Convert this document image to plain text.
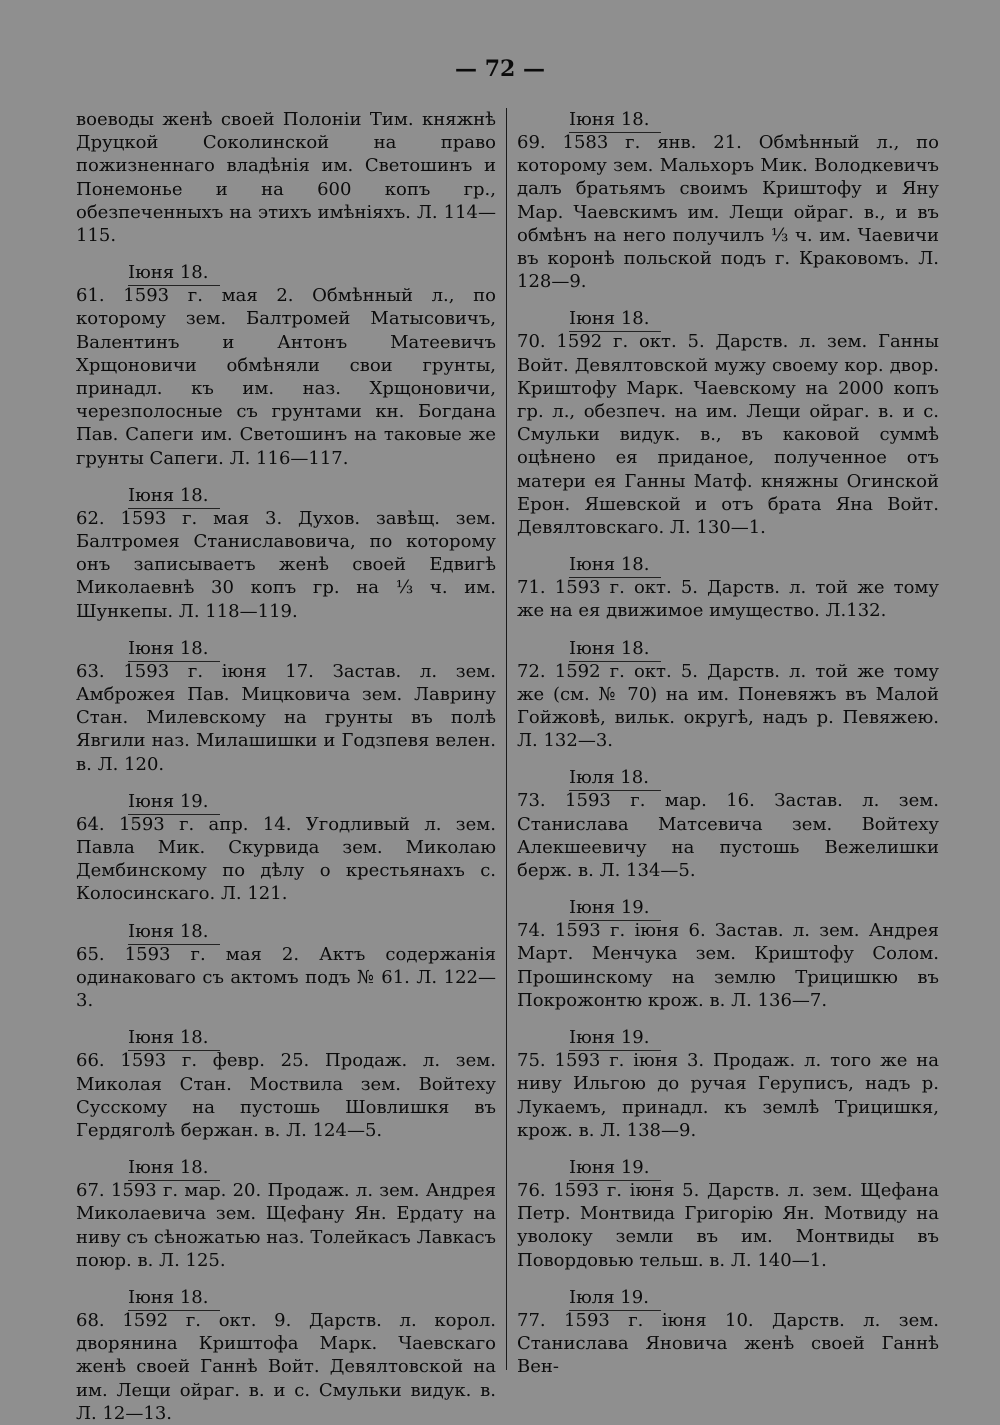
— 72 —

воеводы женѣ своей Полоніи Тим. княжнѣ Друцкой Соколинской на право пожизненнаго владѣнія им. Светошинъ и Понемонье и на 600 копъ гр., обезпеченныхъ на этихъ имѣніяхъ. Л. 114—115.

Іюня 18.

61. 1593 г. мая 2. Обмѣнный л., по которому зем. Балтромей Матысовичъ, Валентинъ и Антонъ Матеевичъ Хрщоновичи обмѣняли свои грунты, принадл. къ им. наз. Хрщоновичи, черезполосные съ грунтами кн. Богдана Пав. Сапеги им. Светошинъ на таковые же грунты Сапеги. Л. 116—117.

Іюня 18.

62. 1593 г. мая 3. Духов. завѣщ. зем. Балтромея Станиславовича, по которому онъ записываетъ женѣ своей Едвигѣ Миколаевнѣ 30 копъ гр. на ⅓ ч. им. Шункепы. Л. 118—119.

Іюня 18.

63. 1593 г. іюня 17. Застав. л. зем. Амброжея Пав. Мицковича зем. Лаврину Стан. Милевскому на грунты въ полѣ Явгили наз. Милашишки и Годзпевя велен. в. Л. 120.

Іюня 19.

64. 1593 г. апр. 14. Угодливый л. зем. Павла Мик. Скурвида зем. Миколаю Дембинскому по дѣлу о крестьянахъ с. Колосинскаго. Л. 121.

Іюня 18.

65. 1593 г. мая 2. Актъ содержанія одинаковаго съ актомъ подъ № 61. Л. 122—3.

Іюня 18.

66. 1593 г. февр. 25. Продаж. л. зем. Миколая Стан. Моствила зем. Войтеху Сусскому на пустошь Шовлишкя въ Гердяголѣ бержан. в. Л. 124—5.

Іюня 18.

67. 1593 г. мар. 20. Продаж. л. зем. Андрея Миколаевича зем. Щефану Ян. Ердату на ниву съ сѣножатью наз. Толейкасъ Лавкасъ поюр. в. Л. 125.

Іюня 18.

68. 1592 г. окт. 9. Дарств. л. корол. дворянина Криштофа Марк. Чаевскаго женѣ своей Ганнѣ Войт. Девялтовской на им. Лещи ойраг. в. и с. Смульки видук. в. Л. 12—13.

Іюня 18.

69. 1583 г. янв. 21. Обмѣнный л., по которому зем. Мальхоръ Мик. Володкевичъ далъ братьямъ своимъ Криштофу и Яну Мар. Чаевскимъ им. Лещи ойраг. в., и въ обмѣнъ на него получилъ ⅓ ч. им. Чаевичи въ коронѣ польской подъ г. Краковомъ. Л. 128—9.

Іюня 18.

70. 1592 г. окт. 5. Дарств. л. зем. Ганны Войт. Девялтовской мужу своему кор. двор. Криштофу Марк. Чаевскому на 2000 копъ гр. л., обезпеч. на им. Лещи ойраг. в. и с. Смульки видук. в., въ каковой суммѣ оцѣнено ея приданое, полученное отъ матери ея Ганны Матф. княжны Огинской Ерон. Яшевской и отъ брата Яна Войт. Девялтовскаго. Л. 130—1.

Іюня 18.

71. 1593 г. окт. 5. Дарств. л. той же тому же на ея движимое имущество. Л.132.

Іюня 18.

72. 1592 г. окт. 5. Дарств. л. той же тому же (см. № 70) на им. Поневяжъ въ Малой Гойжовѣ, вильк. округѣ, надъ р. Певяжею. Л. 132—3.

Іюля 18.

73. 1593 г. мар. 16. Застав. л. зем. Станислава Матсевича зем. Войтеху Алекшеевичу на пустошь Вежелишки берж. в. Л. 134—5.

Іюня 19.

74. 1593 г. іюня 6. Застав. л. зем. Андрея Март. Менчука зем. Криштофу Солом. Прошинскому на землю Трицишкю въ Покрожонтю крож. в. Л. 136—7.

Іюня 19.

75. 1593 г. іюня 3. Продаж. л. того же на ниву Ильгою до ручая Геруписъ, надъ р. Лукаемъ, принадл. къ землѣ Трицишкя, крож. в. Л. 138—9.

Іюня 19.

76. 1593 г. іюня 5. Дарств. л. зем. Щефана Петр. Монтвида Григорію Ян. Мотвиду на уволоку земли въ им. Монтвиды въ Повордовью тельш. в. Л. 140—1.

Іюля 19.

77. 1593 г. іюня 10. Дарств. л. зем. Станислава Яновича женѣ своей Ганнѣ Вен-
